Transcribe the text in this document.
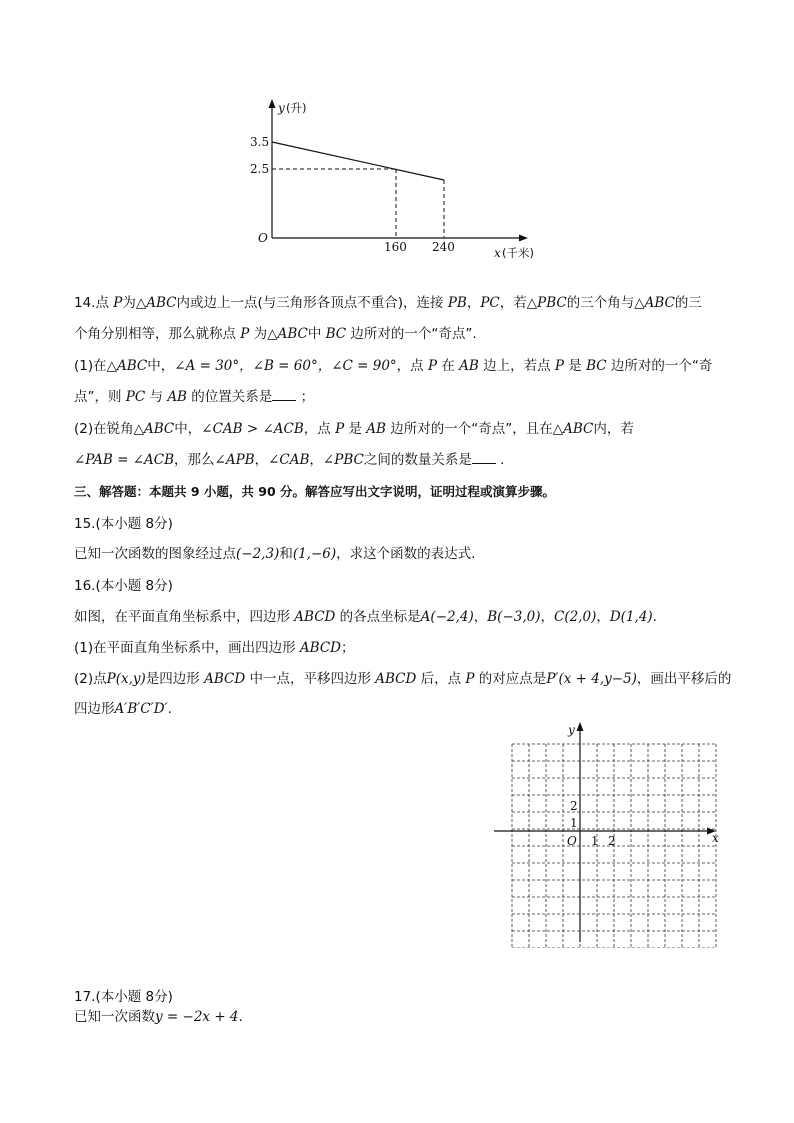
y (升)
3.5
2.5
O
160 240	x (千米)
14.点 P为△ABC内或边上一点(与三角形各顶点不重合)，连接 PB，PC，若△PBC的三个角与△ABC的三
个角分别相等，那么就称点 P 为△ABC中 BC 边所对的一个“奇点”.
(1)在△ABC中，∠A = 30°，∠B = 60°，∠C = 90°，点 P 在 AB 边上，若点 P 是 BC 边所对的一个“奇
点”，则 PC 与 AB 的位置关系是 ；
(2)在锐角△ABC中，∠CAB > ∠ACB，点 P 是 AB 边所对的一个“奇点”，且在△ABC内，若
∠PAB = ∠ACB，那么∠APB，∠CAB，∠PBC之间的数量关系是 .
三、解答题：本题共 9 小题，共 90 分。解答应写出文字说明，证明过程或演算步骤。
15.(本小题 8分)
已知一次函数的图象经过点(−2,3)和(1,−6)，求这个函数的表达式.
16.(本小题 8分)
如图，在平面直角坐标系中，四边形 ABCD 的各点坐标是A(−2,4)，B(−3,0)，C(2,0)，D(1,4).
(1)在平面直角坐标系中，画出四边形 ABCD；
(2)点P(x,y)是四边形 ABCD 中一点，平移四边形 ABCD 后，点 P 的对应点是P′(x + 4,y−5)，画出平移后的
四边形A′B′C′D′.
y
x
O 1 2
1
2
17.(本小题 8分)
已知一次函数y = −2x + 4.
